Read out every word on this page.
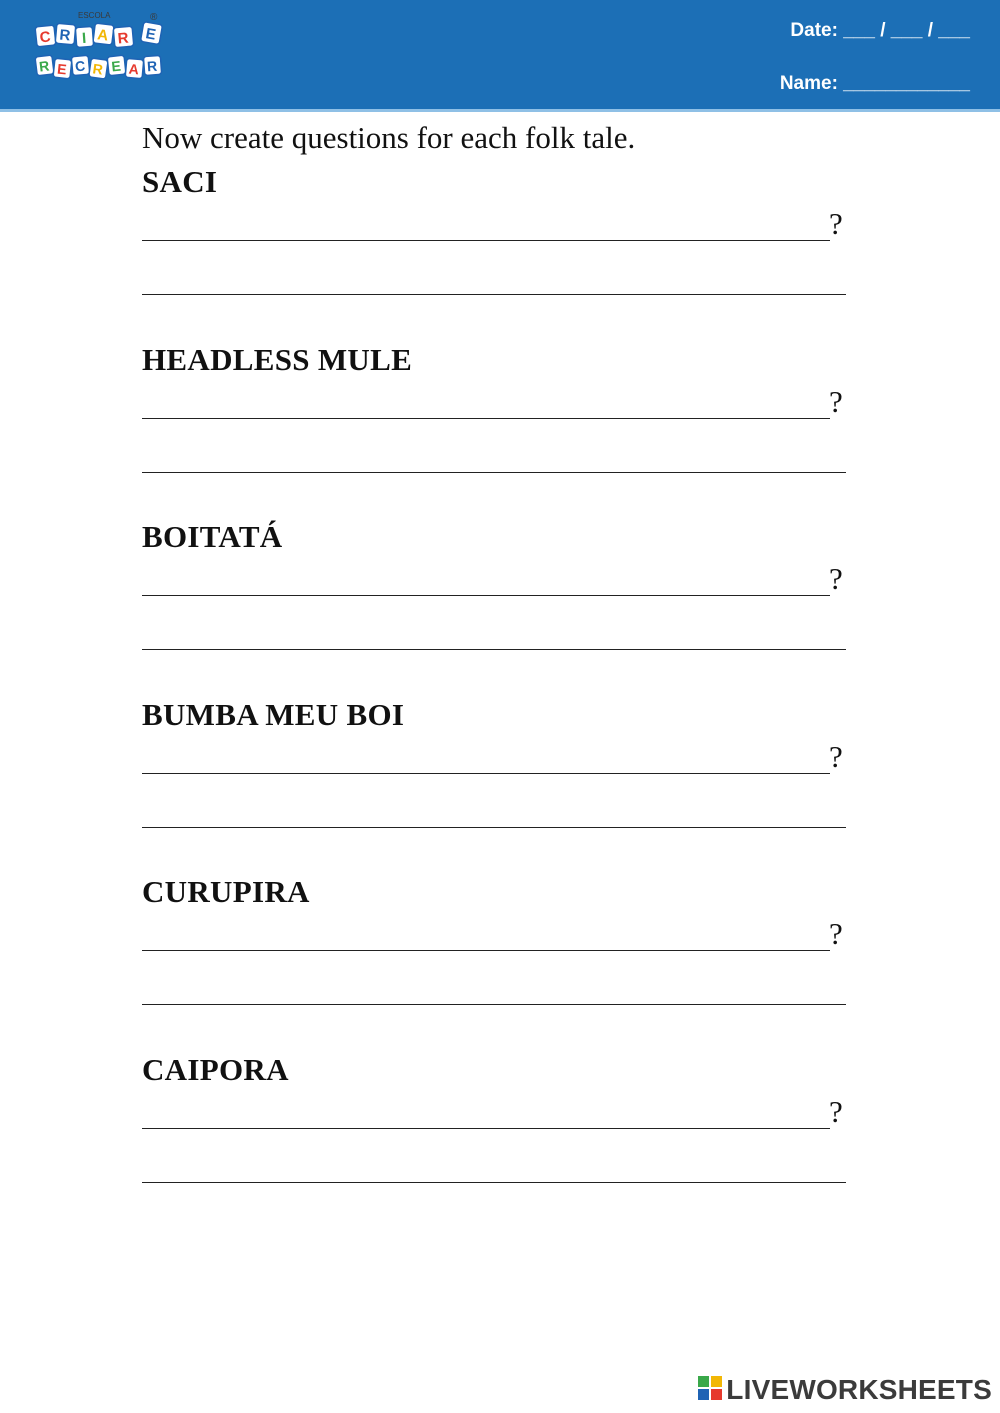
ESCOLA	®
C R I A R E
R E C R E A R
Date: ___ / ___ / ___
Name: ____________

Now create questions for each folk tale.

SACI
?
HEADLESS MULE
?
BOITATÁ
?
BUMBA MEU BOI
?
CURUPIRA
?
CAIPORA
?
LIVEWORKSHEETS
